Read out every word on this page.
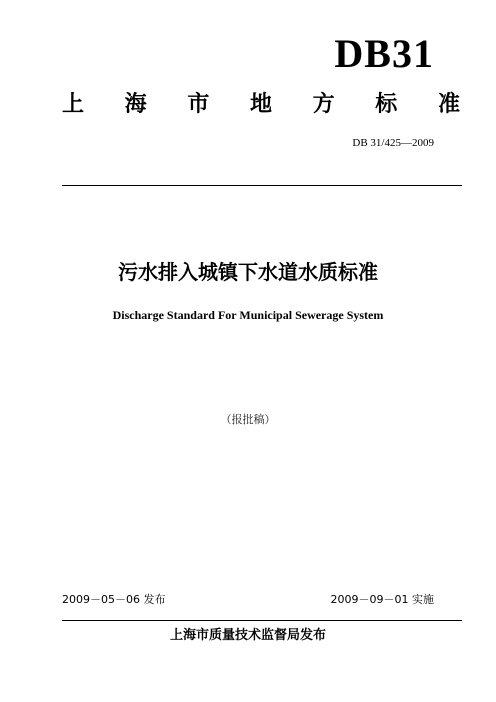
DB31
上 海 市 地 方 标 准
DB 31/425—2009
污水排入城镇下水道水质标准
Discharge Standard For Municipal Sewerage System
（报批稿）
2009－05－06 发布	2009－09－01 实施
上海市质量技术监督局发布
